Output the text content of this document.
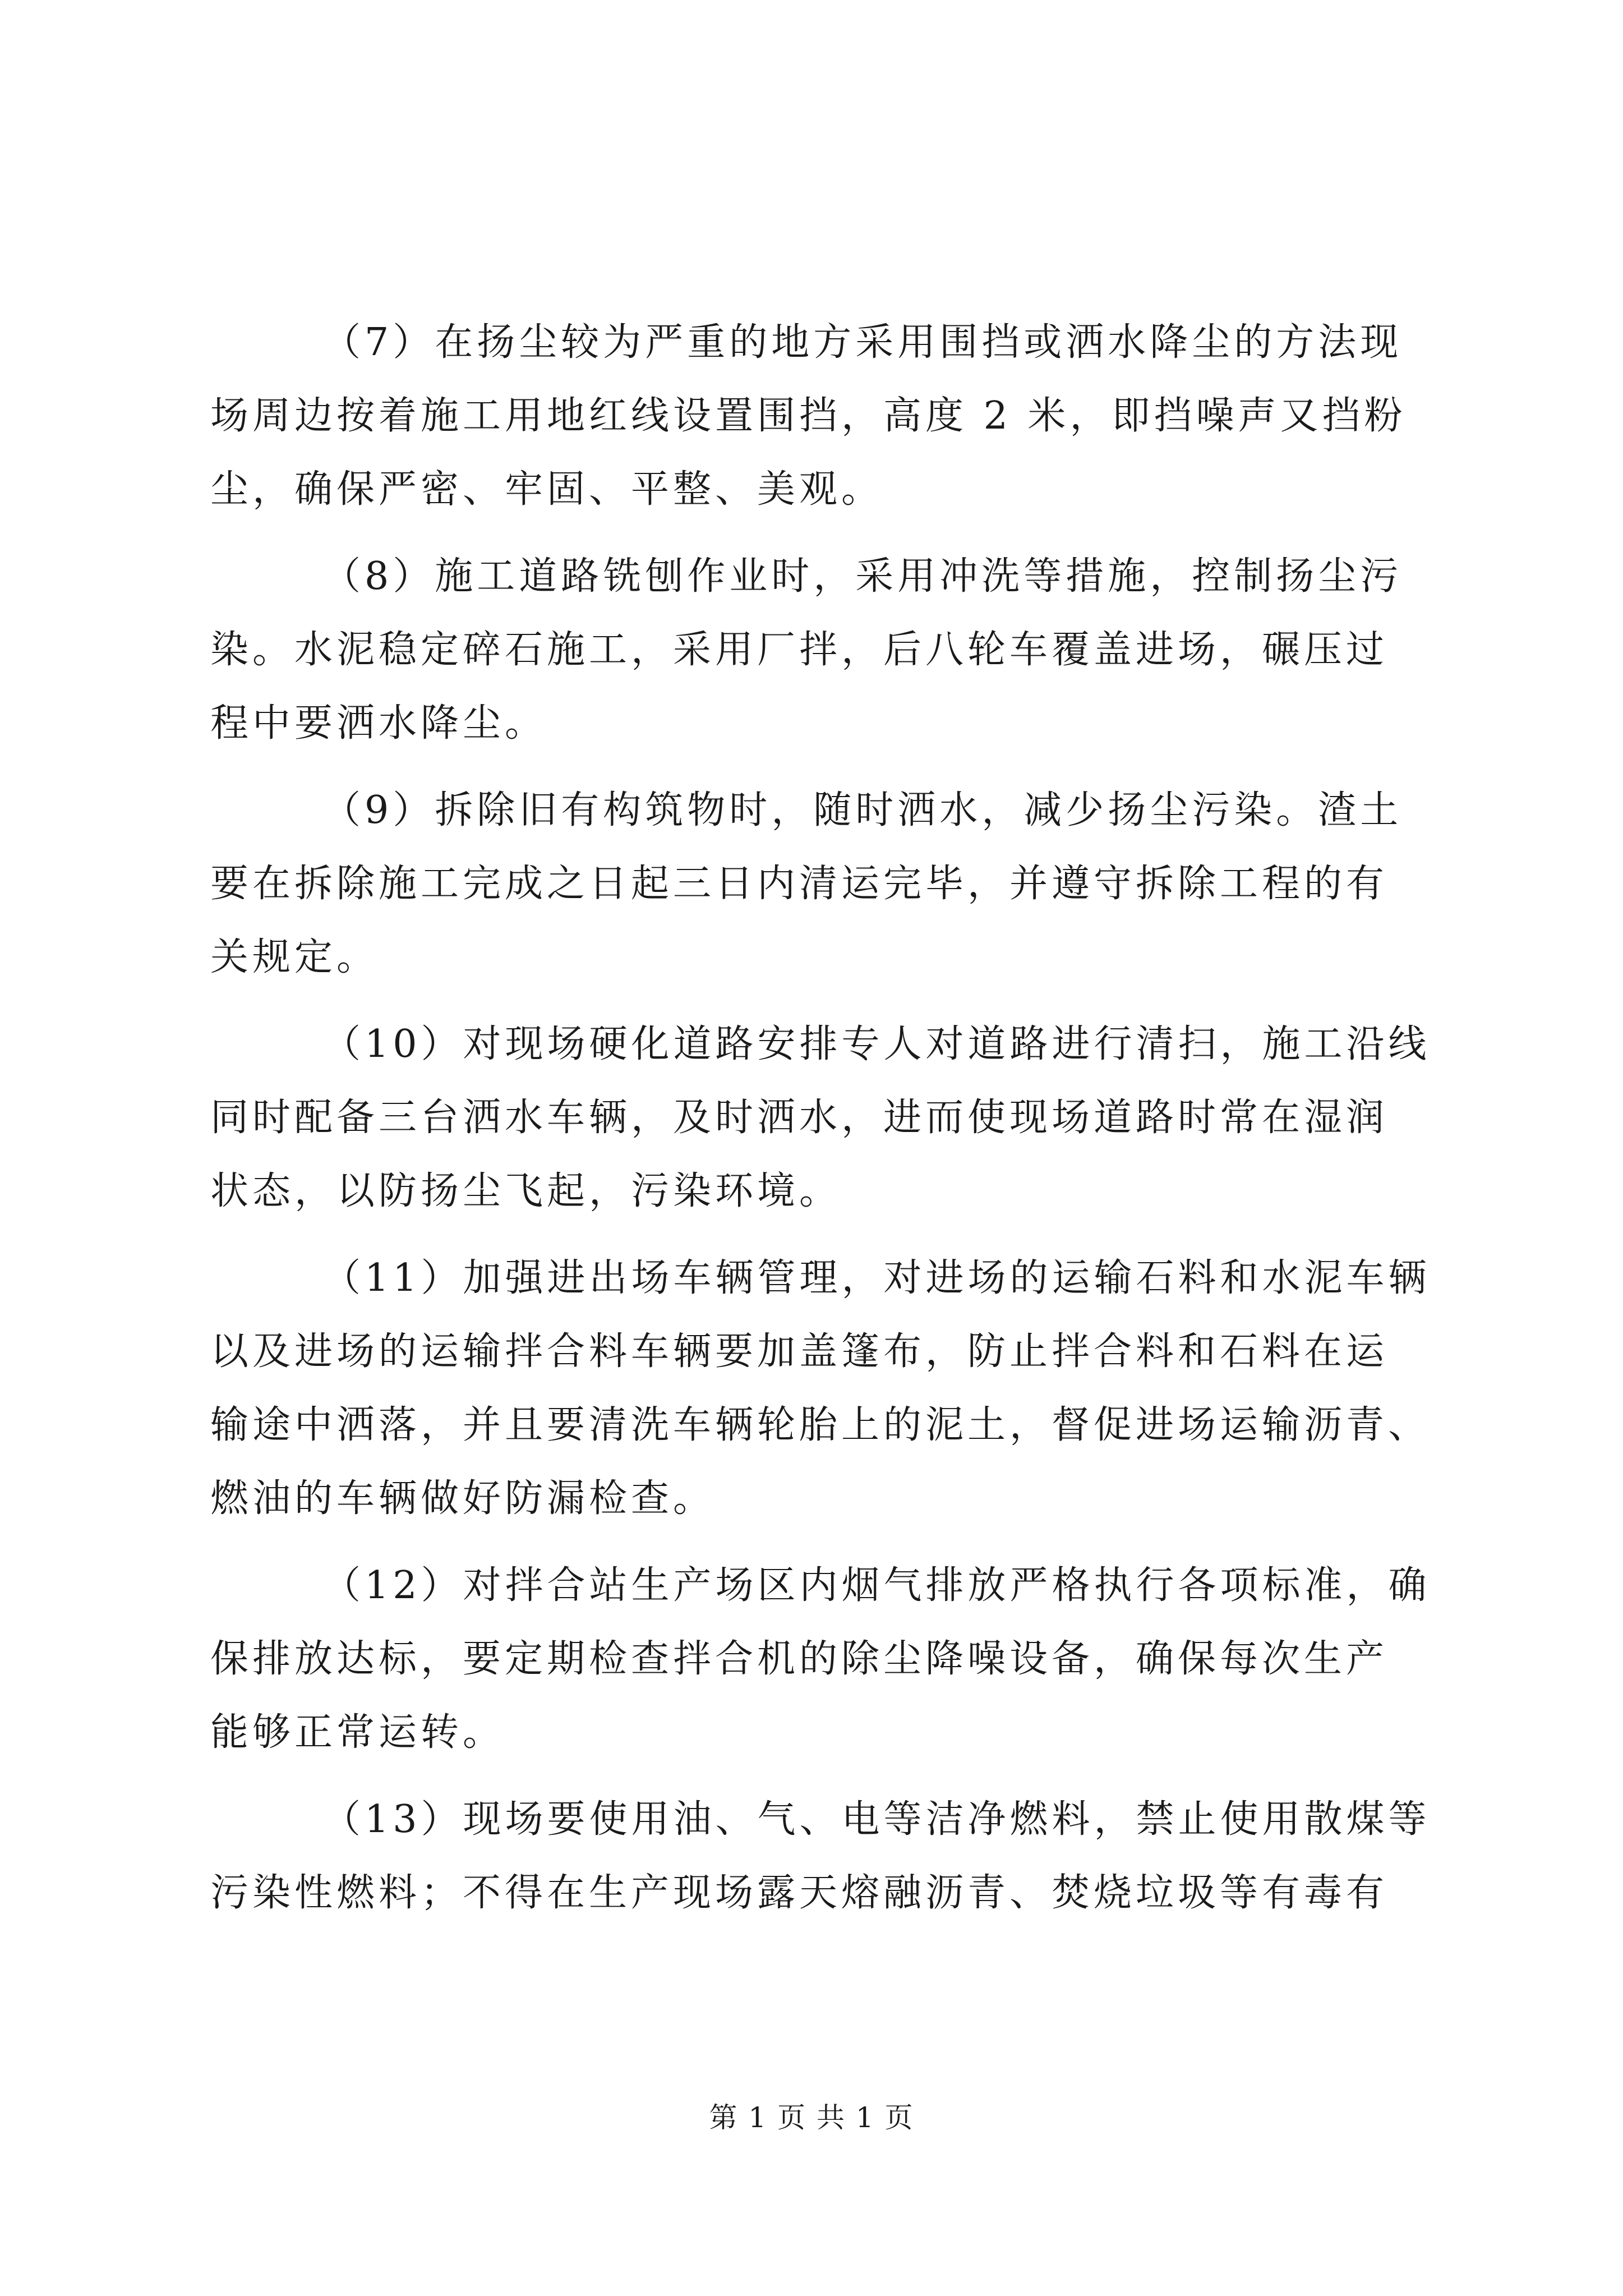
（7）在扬尘较为严重的地方采用围挡或洒水降尘的方法现
场周边按着施工用地红线设置围挡，高度 2 米，即挡噪声又挡粉
尘，确保严密、牢固、平整、美观。

（8）施工道路铣刨作业时，采用冲洗等措施，控制扬尘污
染。水泥稳定碎石施工，采用厂拌，后八轮车覆盖进场，碾压过
程中要洒水降尘。

（9）拆除旧有构筑物时，随时洒水，减少扬尘污染。渣土
要在拆除施工完成之日起三日内清运完毕，并遵守拆除工程的有
关规定。

（10）对现场硬化道路安排专人对道路进行清扫，施工沿线
同时配备三台洒水车辆，及时洒水，进而使现场道路时常在湿润
状态，以防扬尘飞起，污染环境。

（11）加强进出场车辆管理，对进场的运输石料和水泥车辆
以及进场的运输拌合料车辆要加盖篷布，防止拌合料和石料在运
输途中洒落，并且要清洗车辆轮胎上的泥土，督促进场运输沥青、
燃油的车辆做好防漏检查。

（12）对拌合站生产场区内烟气排放严格执行各项标准，确
保排放达标，要定期检查拌合机的除尘降噪设备，确保每次生产
能够正常运转。

（13）现场要使用油、气、电等洁净燃料，禁止使用散煤等
污染性燃料；不得在生产现场露天熔融沥青、焚烧垃圾等有毒有

第 1 页 共 1 页
